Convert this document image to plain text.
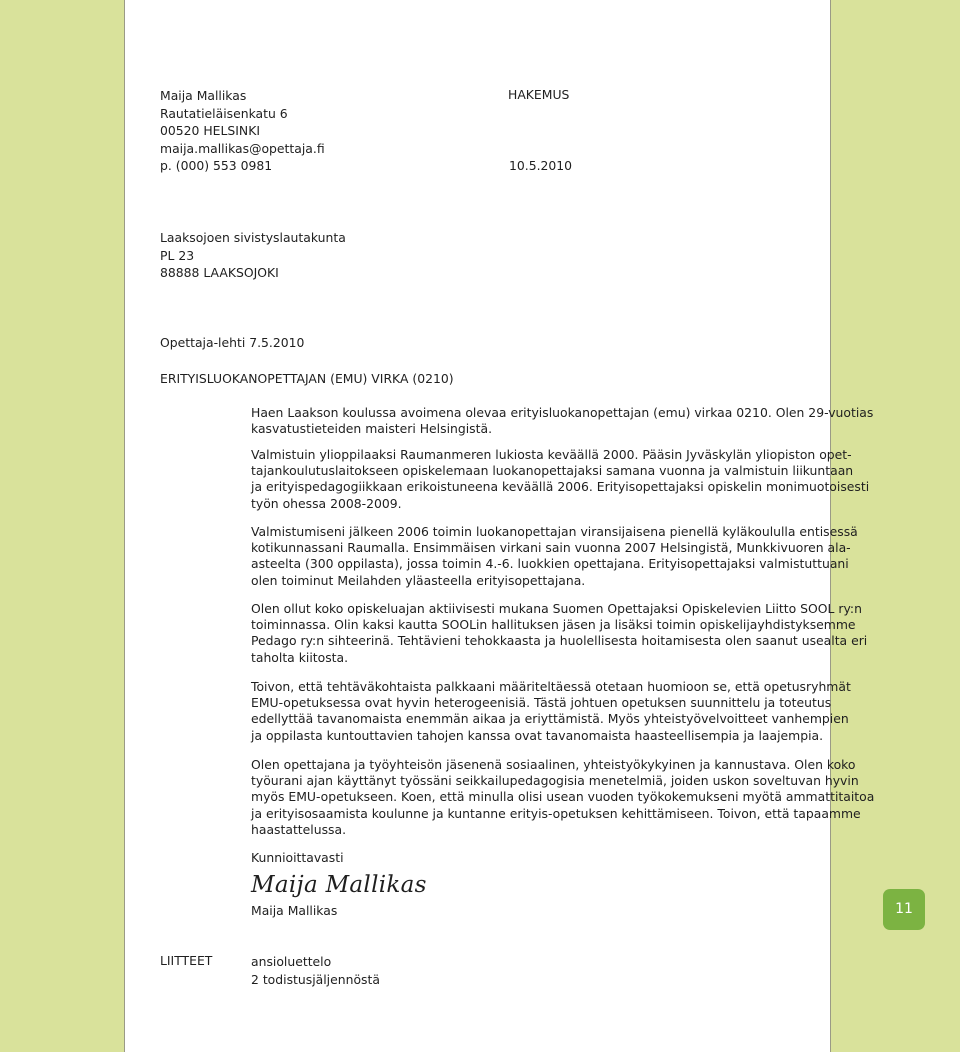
Maija Mallikas
Rautatieläisenkatu 6
00520 HELSINKI
maija.mallikas@opettaja.fi
p. (000) 553 0981
HAKEMUS
10.5.2010
Laaksojoen sivistyslautakunta
PL 23
88888 LAAKSOJOKI
Opettaja-lehti 7.5.2010
ERITYISLUOKANOPETTAJAN (EMU) VIRKA (0210)
Haen Laakson koulussa avoimena olevaa erityisluokanopettajan (emu) virkaa 0210. Olen 29-vuotias
kasvatustieteiden maisteri Helsingistä.
Valmistuin ylioppilaaksi Raumanmeren lukiosta keväällä 2000. Pääsin Jyväskylän yliopiston opet-
tajankoulutuslaitokseen opiskelemaan luokanopettajaksi samana vuonna ja valmistuin liikuntaan
ja erityispedagogiikkaan erikoistuneena keväällä 2006. Erityisopettajaksi opiskelin monimuotoisesti
työn ohessa 2008-2009.
Valmistumiseni jälkeen 2006 toimin luokanopettajan viransijaisena pienellä kyläkoululla entisessä
kotikunnassani Raumalla. Ensimmäisen virkani sain vuonna 2007 Helsingistä, Munkkivuoren ala-
asteelta (300 oppilasta), jossa toimin 4.-6. luokkien opettajana. Erityisopettajaksi valmistuttuani
olen toiminut Meilahden yläasteella erityisopettajana.
Olen ollut koko opiskeluajan aktiivisesti mukana Suomen Opettajaksi Opiskelevien Liitto SOOL ry:n
toiminnassa. Olin kaksi kautta SOOLin hallituksen jäsen ja lisäksi toimin opiskelijayhdistyksemme
Pedago ry:n sihteerinä. Tehtävieni tehokkaasta ja huolellisesta hoitamisesta olen saanut usealta eri
taholta kiitosta.
Toivon, että tehtäväkohtaista palkkaani määriteltäessä otetaan huomioon se, että opetusryhmät
EMU-opetuksessa ovat hyvin heterogeenisiä. Tästä johtuen opetuksen suunnittelu ja toteutus
edellyttää tavanomaista enemmän aikaa ja eriyttämistä. Myös yhteistyövelvoitteet vanhempien
ja oppilasta kuntouttavien tahojen kanssa ovat tavanomaista haasteellisempia ja laajempia.
Olen opettajana ja työyhteisön jäsenenä sosiaalinen, yhteistyökykyinen ja kannustava. Olen koko
työurani ajan käyttänyt työssäni seikkailupedagogisia menetelmiä, joiden uskon soveltuvan hyvin
myös EMU-opetukseen. Koen, että minulla olisi usean vuoden työkokemukseni myötä ammattitaitoa
ja erityisosaamista koulunne ja kuntanne erityis-opetuksen kehittämiseen. Toivon, että tapaamme
haastattelussa.
Kunnioittavasti
Maija Mallikas
Maija Mallikas
LIITTEET	ansioluettelo
2 todistusjäljennöstä
11
